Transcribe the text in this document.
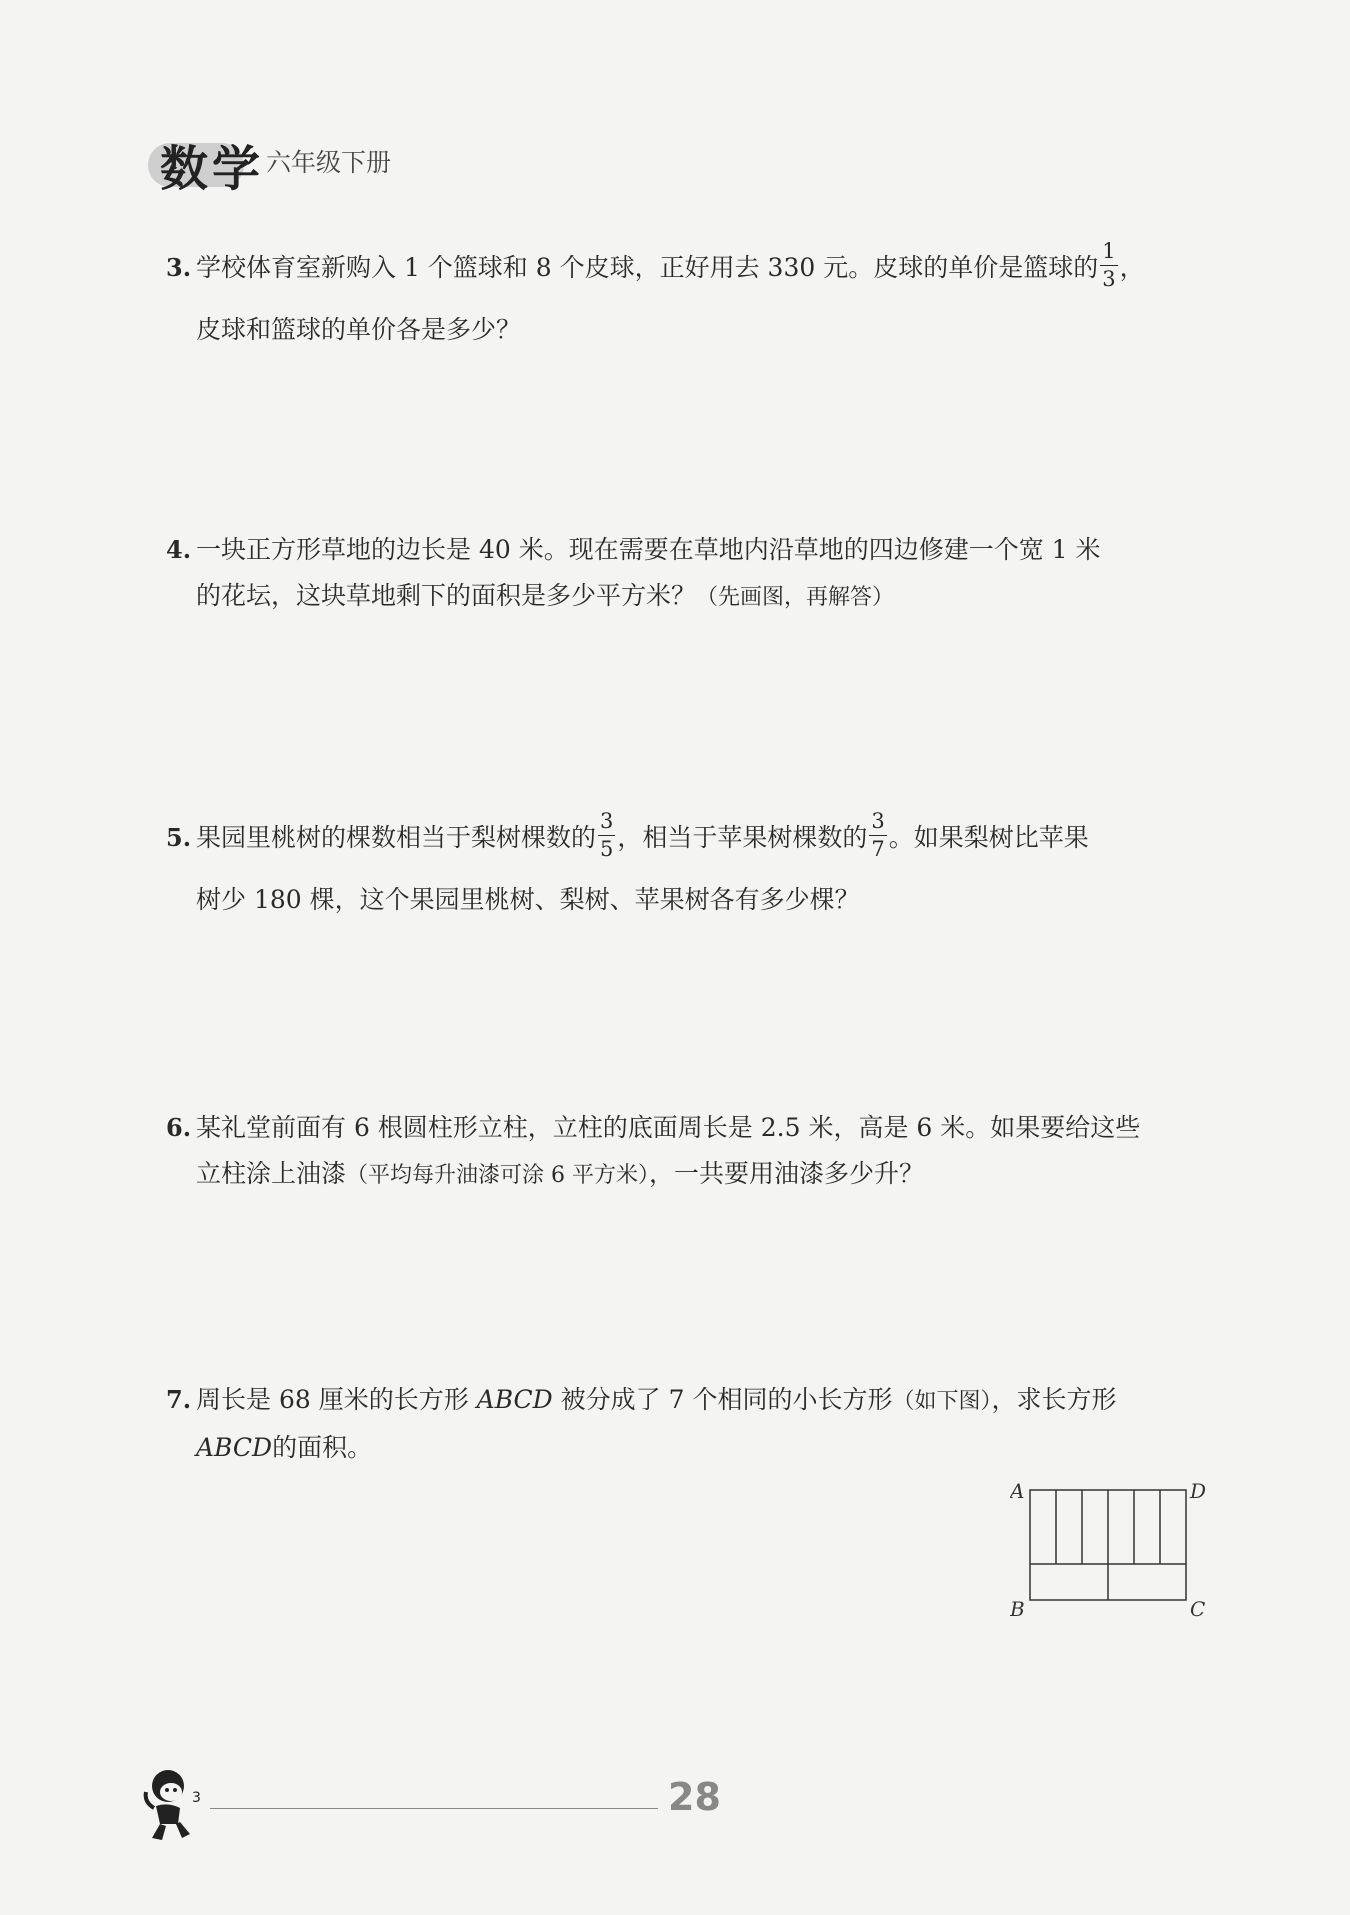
数学 六年级下册
3. 学校体育室新购入 1 个篮球和 8 个皮球，正好用去 330 元。皮球的单价是篮球的 $\frac{1}{3}$ ，
皮球和篮球的单价各是多少？
4. 一块正方形草地的边长是 40 米。现在需要在草地内沿草地的四边修建一个宽 1 米
的花坛，这块草地剩下的面积是多少平方米？（先画图，再解答）
5. 果园里桃树的棵数相当于梨树棵数的 $\frac{3}{5}$ ，相当于苹果树棵数的 $\frac{3}{7}$ 。如果梨树比苹果
树少 180 棵，这个果园里桃树、梨树、苹果树各有多少棵？
6. 某礼堂前面有 6 根圆柱形立柱，立柱的底面周长是 2.5 米，高是 6 米。如果要给这些
立柱涂上油漆（平均每升油漆可涂 6 平方米），一共要用油漆多少升？
7. 周长是 68 厘米的长方形 ABCD 被分成了 7 个相同的小长方形（如下图），求长方形
ABCD的面积。
A	D
B	C
3	28
